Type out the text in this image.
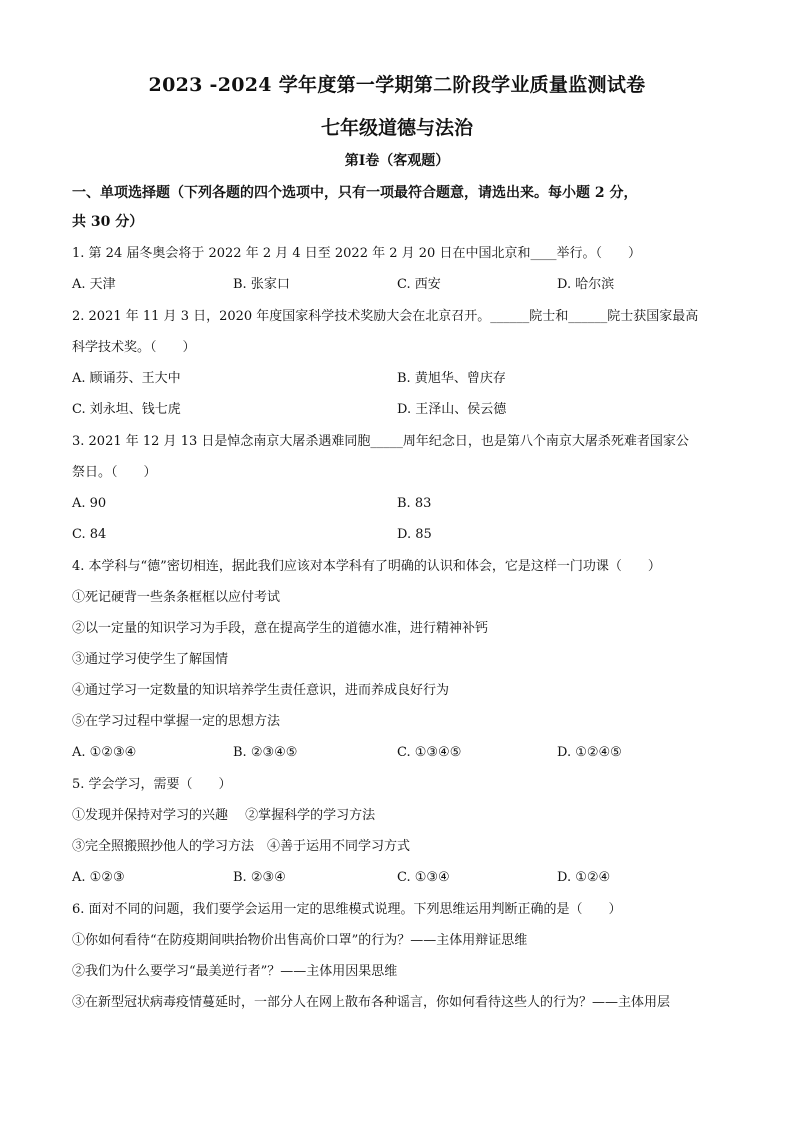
2023 -2024 学年度第一学期第二阶段学业质量监测试卷
七年级道德与法治
第Ⅰ卷（客观题）
一、单项选择题（下列各题的四个选项中，只有一项最符合题意，请选出来。每小题 2 分，
共 30 分）
1. 第 24 届冬奥会将于 2022 年 2 月 4 日至 2022 年 2 月 20 日在中国北京和____举行。（　　）
A. 天津	B. 张家口	C. 西安	D. 哈尔滨
2. 2021 年 11 月 3 日，2020 年度国家科学技术奖励大会在北京召开。______院士和______院士获国家最高
科学技术奖。（　　）
A. 顾诵芬、王大中	B. 黄旭华、曾庆存
C. 刘永坦、钱七虎	D. 王泽山、侯云德
3. 2021 年 12 月 13 日是悼念南京大屠杀遇难同胞_____周年纪念日，也是第八个南京大屠杀死难者国家公
祭日。（　　）
A. 90	B. 83
C. 84	D. 85
4. 本学科与“德”密切相连，据此我们应该对本学科有了明确的认识和体会，它是这样一门功课（　　）
①死记硬背一些条条框框以应付考试
②以一定量的知识学习为手段，意在提高学生的道德水准，进行精神补钙
③通过学习使学生了解国情
④通过学习一定数量的知识培养学生责任意识，进而养成良好行为
⑤在学习过程中掌握一定的思想方法
A. ①②③④	B. ②③④⑤	C. ①③④⑤	D. ①②④⑤
5. 学会学习，需要（　　）
①发现并保持对学习的兴趣　 ②掌握科学的学习方法
③完全照搬照抄他人的学习方法　④善于运用不同学习方式
A. ①②③	B. ②③④	C. ①③④	D. ①②④
6. 面对不同的问题，我们要学会运用一定的思维模式说理。下列思维运用判断正确的是（　　）
①你如何看待“在防疫期间哄抬物价出售高价口罩”的行为？——主体用辩证思维
②我们为什么要学习“最美逆行者”？——主体用因果思维
③在新型冠状病毒疫情蔓延时，一部分人在网上散布各种谣言，你如何看待这些人的行为？——主体用层
